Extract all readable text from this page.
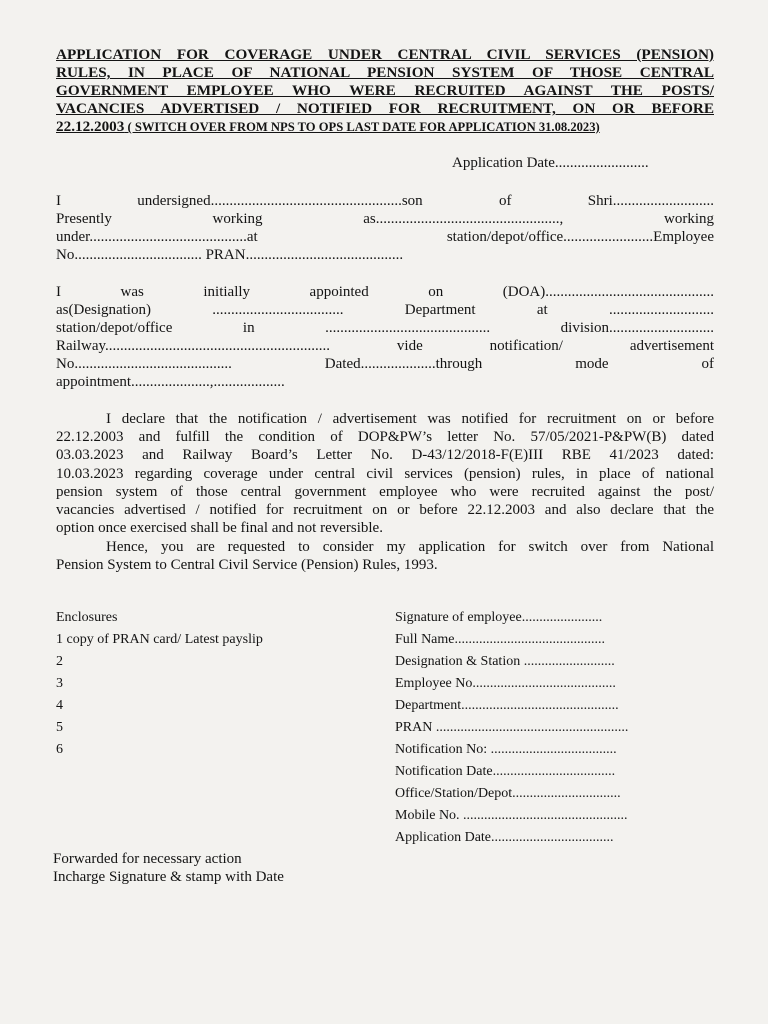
APPLICATION FOR COVERAGE UNDER CENTRAL CIVIL SERVICES (PENSION)
RULES, IN PLACE OF NATIONAL PENSION SYSTEM OF THOSE CENTRAL
GOVERNMENT EMPLOYEE WHO WERE RECRUITED AGAINST THE POSTS/
VACANCIES ADVERTISED / NOTIFIED FOR RECRUITMENT, ON OR BEFORE
22.12.2003 ( SWITCH OVER FROM NPS TO OPS LAST DATE FOR APPLICATION 31.08.2023)
Application Date.........................
I undersigned...................................................son of Shri...........................
Presently working as................................................., working
under..........................................at station/depot/office........................Employee
No.................................. PRAN..........................................
I was initially appointed on (DOA).............................................
as(Designation) ................................... Department at ............................
station/depot/office in ............................................ division............................
Railway............................................................ vide notification/ advertisement
No.......................................... Dated....................through mode of
appointment.....................,...................
I declare that the notification / advertisement was notified for recruitment on or before
22.12.2003 and fulfill the condition of DOP&PW’s letter No. 57/05/2021-P&PW(B) dated
03.03.2023 and Railway Board’s Letter No. D-43/12/2018-F(E)III RBE 41/2023 dated:
10.03.2023 regarding coverage under central civil services (pension) rules, in place of national
pension system of those central government employee who were recruited against the post/
vacancies advertised / notified for recruitment on or before 22.12.2003 and also declare that the
option once exercised shall be final and not reversible.
Hence, you are requested to consider my application for switch over from National
Pension System to Central Civil Service (Pension) Rules, 1993.
Enclosures
1 copy of PRAN card/ Latest payslip
2
3
4
5
6
Signature of employee.......................
Full Name...........................................
Designation & Station ..........................
Employee No.........................................
Department.............................................
PRAN .......................................................
Notification No: ....................................
Notification Date...................................
Office/Station/Depot...............................
Mobile No. ...............................................
Application Date...................................
Forwarded for necessary action
Incharge Signature & stamp with Date
